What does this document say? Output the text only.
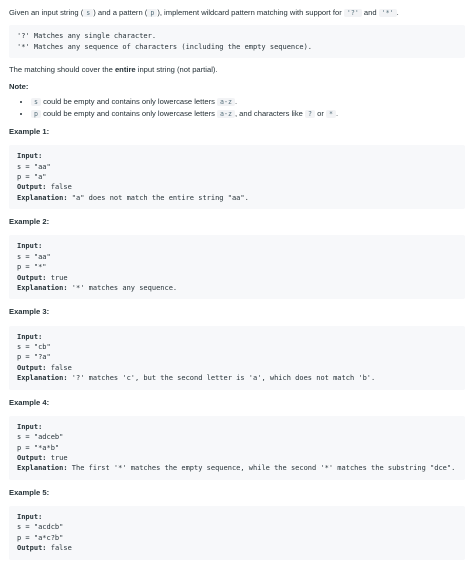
Given an input string ( s ) and a pattern ( p ), implement wildcard pattern matching with support for '?' and '*' .

'?' Matches any single character.
'*' Matches any sequence of characters (including the empty sequence).

The matching should cover the entire input string (not partial).

Note:

• s could be empty and contains only lowercase letters a-z .
• p could be empty and contains only lowercase letters a-z , and characters like ? or * .

Example 1:

Input:
s = "aa"
p = "a"
Output: false
Explanation: "a" does not match the entire string "aa".

Example 2:

Input:
s = "aa"
p = "*"
Output: true
Explanation: '*' matches any sequence.

Example 3:

Input:
s = "cb"
p = "?a"
Output: false
Explanation: '?' matches 'c', but the second letter is 'a', which does not match 'b'.

Example 4:

Input:
s = "adceb"
p = "*a*b"
Output: true
Explanation: The first '*' matches the empty sequence, while the second '*' matches the substring "dce".

Example 5:

Input:
s = "acdcb"
p = "a*c?b"
Output: false
